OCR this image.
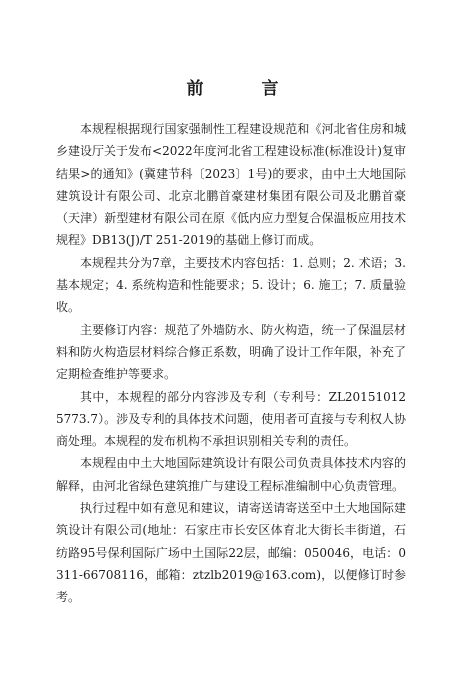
前 言

本规程根据现行国家强制性工程建设规范和《河北省住房和城乡建设厅关于发布<2022年度河北省工程建设标准(标准设计)复审结果>的通知》(冀建节科〔2023〕1号)的要求，由中土大地国际建筑设计有限公司、北京北鹏首豪建材集团有限公司及北鹏首豪（天津）新型建材有限公司在原《低内应力型复合保温板应用技术规程》DB13(J)/T 251-2019的基础上修订而成。

本规程共分为7章，主要技术内容包括：1. 总则；2. 术语；3. 基本规定；4. 系统构造和性能要求；5. 设计；6. 施工；7. 质量验收。

主要修订内容：规范了外墙防水、防火构造，统一了保温层材料和防火构造层材料综合修正系数，明确了设计工作年限，补充了定期检查维护等要求。

其中，本规程的部分内容涉及专利（专利号：ZL20151012 5773.7）。涉及专利的具体技术问题，使用者可直接与专利权人协商处理。本规程的发布机构不承担识别相关专利的责任。

本规程由中土大地国际建筑设计有限公司负责具体技术内容的解释，由河北省绿色建筑推广与建设工程标准编制中心负责管理。

执行过程中如有意见和建议，请寄送请寄送至中土大地国际建筑设计有限公司(地址：石家庄市长安区体育北大街长丰街道，石纺路95号保利国际广场中土国际22层，邮编：050046，电话：0311-66708116，邮箱：ztzlb2019@163.com)，以便修订时参考。
